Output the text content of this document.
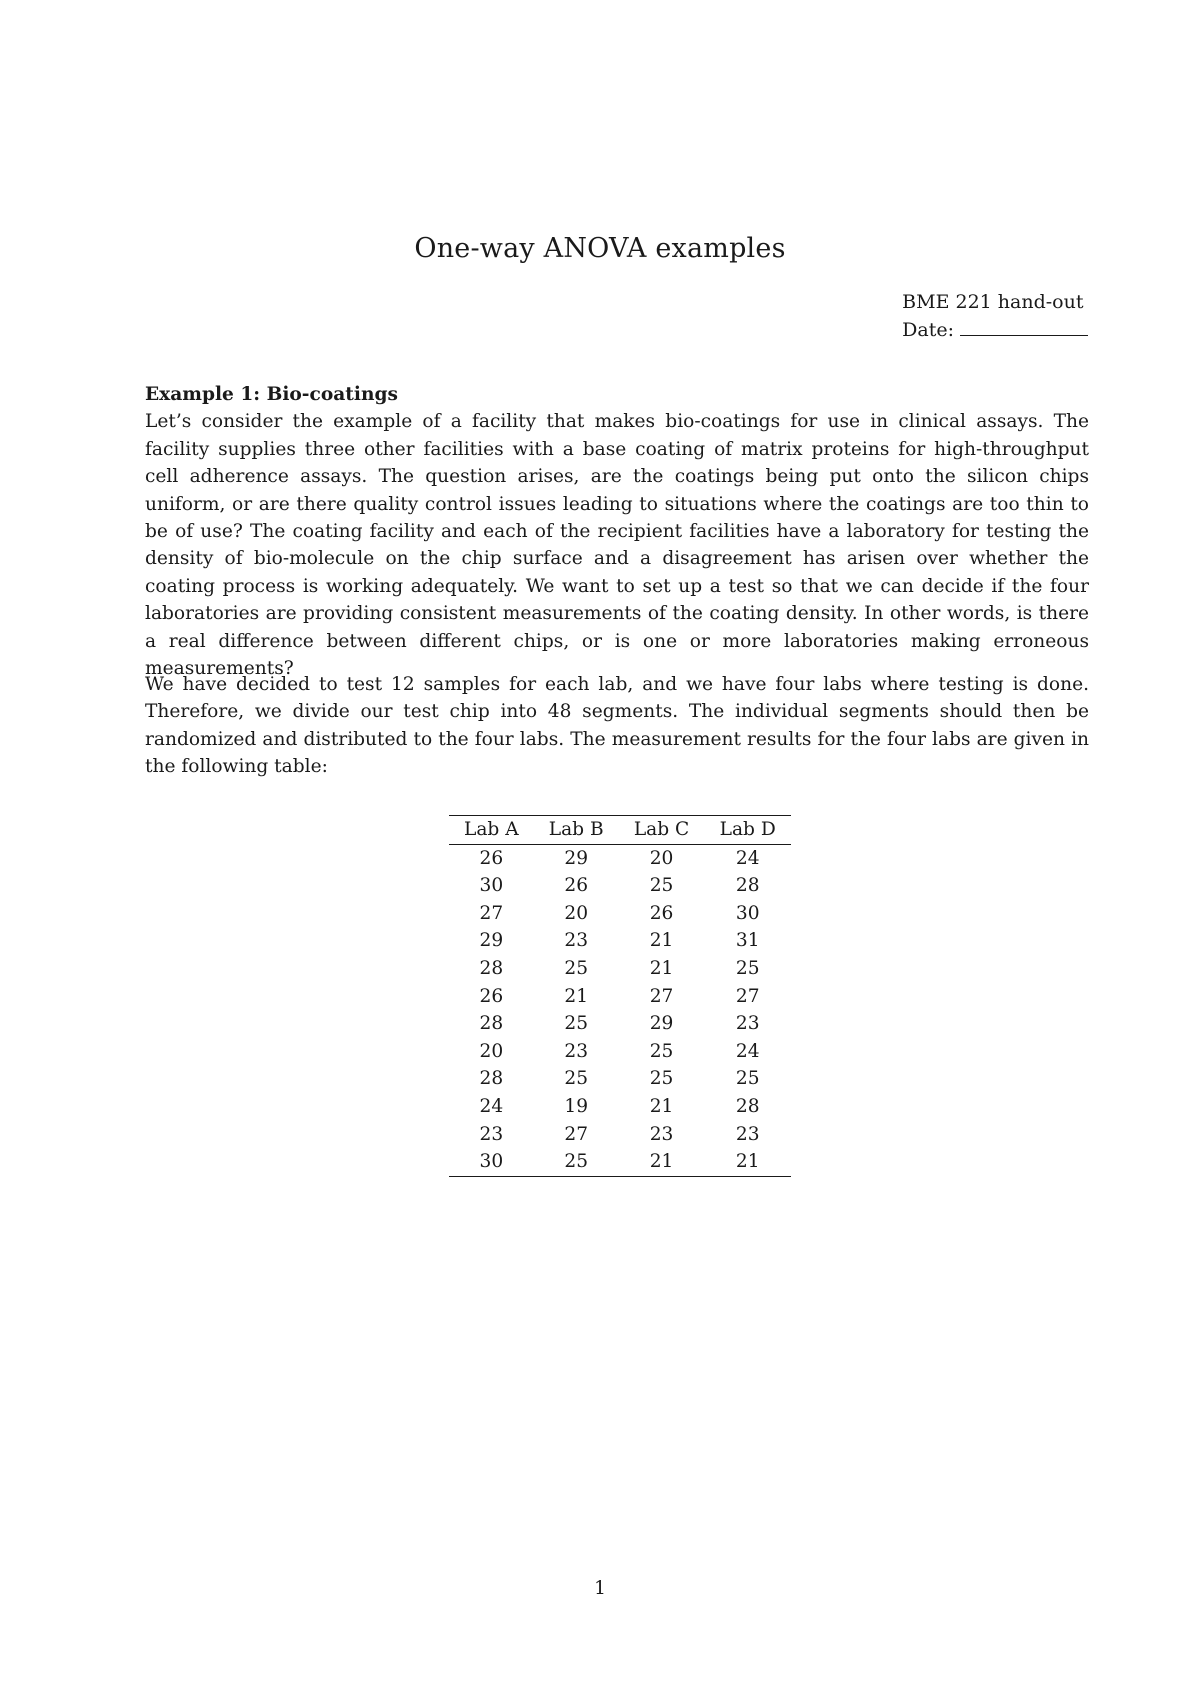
One-way ANOVA examples
BME 221 hand-out
Date:
Example 1: Bio-coatings
Let’s consider the example of a facility that makes bio-coatings for use in clinical assays. The facility supplies three other facilities with a base coating of matrix proteins for high-throughput cell adherence assays. The question arises, are the coatings being put onto the silicon chips uniform, or are there quality control issues leading to situations where the coatings are too thin to be of use? The coating facility and each of the recipient facilities have a laboratory for testing the density of bio-molecule on the chip surface and a disagreement has arisen over whether the coating process is working adequately. We want to set up a test so that we can decide if the four laboratories are providing consistent measurements of the coating density. In other words, is there a real difference between different chips, or is one or more laboratories making erroneous measurements?
We have decided to test 12 samples for each lab, and we have four labs where testing is done. Therefore, we divide our test chip into 48 segments. The individual segments should then be randomized and distributed to the four labs. The measurement results for the four labs are given in the following table:
Lab A	Lab B	Lab C	Lab D
26	29	20	24
30	26	25	28
27	20	26	30
29	23	21	31
28	25	21	25
26	21	27	27
28	25	29	23
20	23	25	24
28	25	25	25
24	19	21	28
23	27	23	23
30	25	21	21
1
